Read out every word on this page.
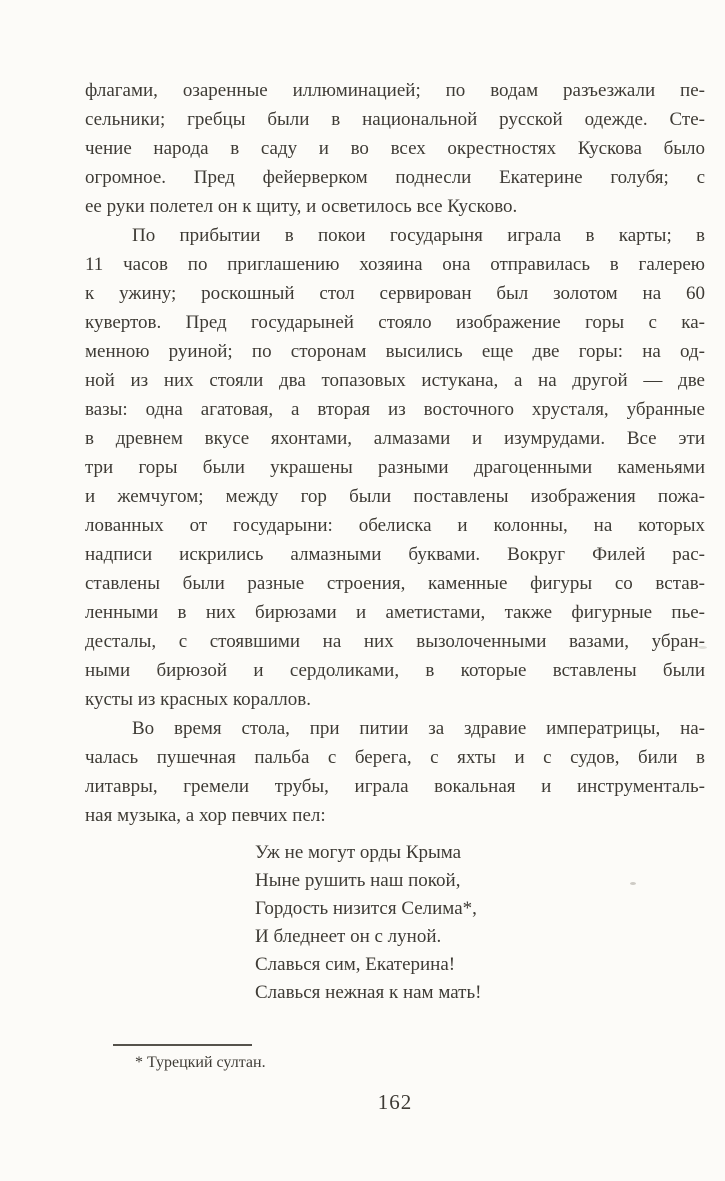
флагами, озаренные иллюминацией; по водам разъезжали пе-
сельники; гребцы были в национальной русской одежде. Сте-
чение народа в саду и во всех окрестностях Кускова было
огромное. Пред фейерверком поднесли Екатерине голубя; с
ее руки полетел он к щиту, и осветилось все Кусково.
По прибытии в покои государыня играла в карты; в
11 часов по приглашению хозяина она отправилась в галерею
к ужину; роскошный стол сервирован был золотом на 60
кувертов. Пред государыней стояло изображение горы с ка-
менною руиной; по сторонам высились еще две горы: на од-
ной из них стояли два топазовых истукана, а на другой — две
вазы: одна агатовая, а вторая из восточного хрусталя, убранные
в древнем вкусе яхонтами, алмазами и изумрудами. Все эти
три горы были украшены разными драгоценными каменьями
и жемчугом; между гор были поставлены изображения пожа-
лованных от государыни: обелиска и колонны, на которых
надписи искрились алмазными буквами. Вокруг Филей рас-
ставлены были разные строения, каменные фигуры со встав-
ленными в них бирюзами и аметистами, также фигурные пье-
десталы, с стоявшими на них вызолоченными вазами, убран-
ными бирюзой и сердоликами, в которые вставлены были
кусты из красных кораллов.
Во время стола, при питии за здравие императрицы, на-
чалась пушечная пальба с берега, с яхты и с судов, били в
литавры, гремели трубы, играла вокальная и инструменталь-
ная музыка, а хор певчих пел:
Уж не могут орды Крыма
Ныне рушить наш покой,
Гордость низится Селима*,
И бледнеет он с луной.
Славься сим, Екатерина!
Славься нежная к нам мать!
* Турецкий султан.
162
